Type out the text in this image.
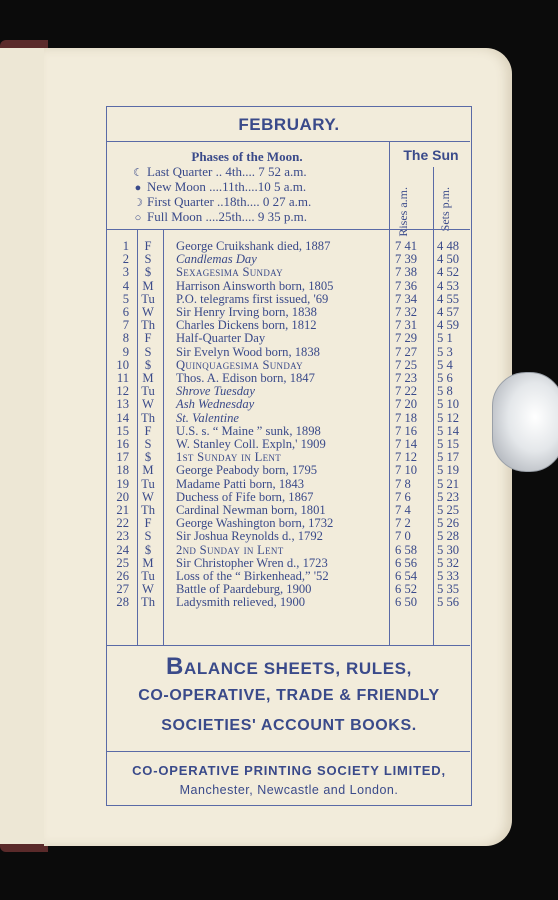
FEBRUARY.
Phases of the Moon.	The Sun
☾ Last Quarter .. 4th.... 7 52 a.m.
● New Moon ....11th....10 5 a.m.
☽ First Quarter ..18th.... 0 27 a.m.
○ Full Moon ....25th.... 9 35 p.m.	Rises a.m. Sets p.m.
1	F	George Cruikshank died, 1887	7 41	4 48
2	S	Candlemas Day	7 39	4 50
3	$	Sexagesima Sunday	7 38	4 52
4	M	Harrison Ainsworth born, 1805	7 36	4 53
5 Tu	P.O. telegrams first issued, '69	7 34	4 55
6	W	Sir Henry Irving born, 1838	7 32	4 57
7 Th	Charles Dickens born, 1812	7 31	4 59
8	F	Half-Quarter Day	7 29	5 1
9	S	Sir Evelyn Wood born, 1838	7 27	5 3
10	$	Quinquagesima Sunday	7 25	5 4
11	M	Thos. A. Edison born, 1847	7 23	5 6
12 Tu	Shrove Tuesday	7 22	5 8
13	W	Ash Wednesday	7 20	5 10
14 Th	St. Valentine	7 18	5 12
15	F	U.S. s. “ Maine ” sunk, 1898	7 16	5 14
16	S	W. Stanley Coll. Expln,' 1909	7 14	5 15
17	$	1st Sunday in Lent	7 12	5 17
18	M	George Peabody born, 1795	7 10	5 19
19 Tu	Madame Patti born, 1843	7 8	5 21
20	W	Duchess of Fife born, 1867	7 6	5 23
21 Th	Cardinal Newman born, 1801	7 4	5 25
22	F	George Washington born, 1732	7 2	5 26
23	S	Sir Joshua Reynolds d., 1792	7 0	5 28
24	$	2nd Sunday in Lent	6 58	5 30
25	M	Sir Christopher Wren d., 1723	6 56	5 32
26 Tu	Loss of the “ Birkenhead,” '52	6 54	5 33
27	W	Battle of Paardeburg, 1900	6 52	5 35
28 Th	Ladysmith relieved, 1900	6 50	5 56
BALANCE SHEETS, RULES,
CO-OPERATIVE, TRADE & FRIENDLY
SOCIETIES' ACCOUNT BOOKS.
CO-OPERATIVE PRINTING SOCIETY LIMITED,
Manchester, Newcastle and London.
